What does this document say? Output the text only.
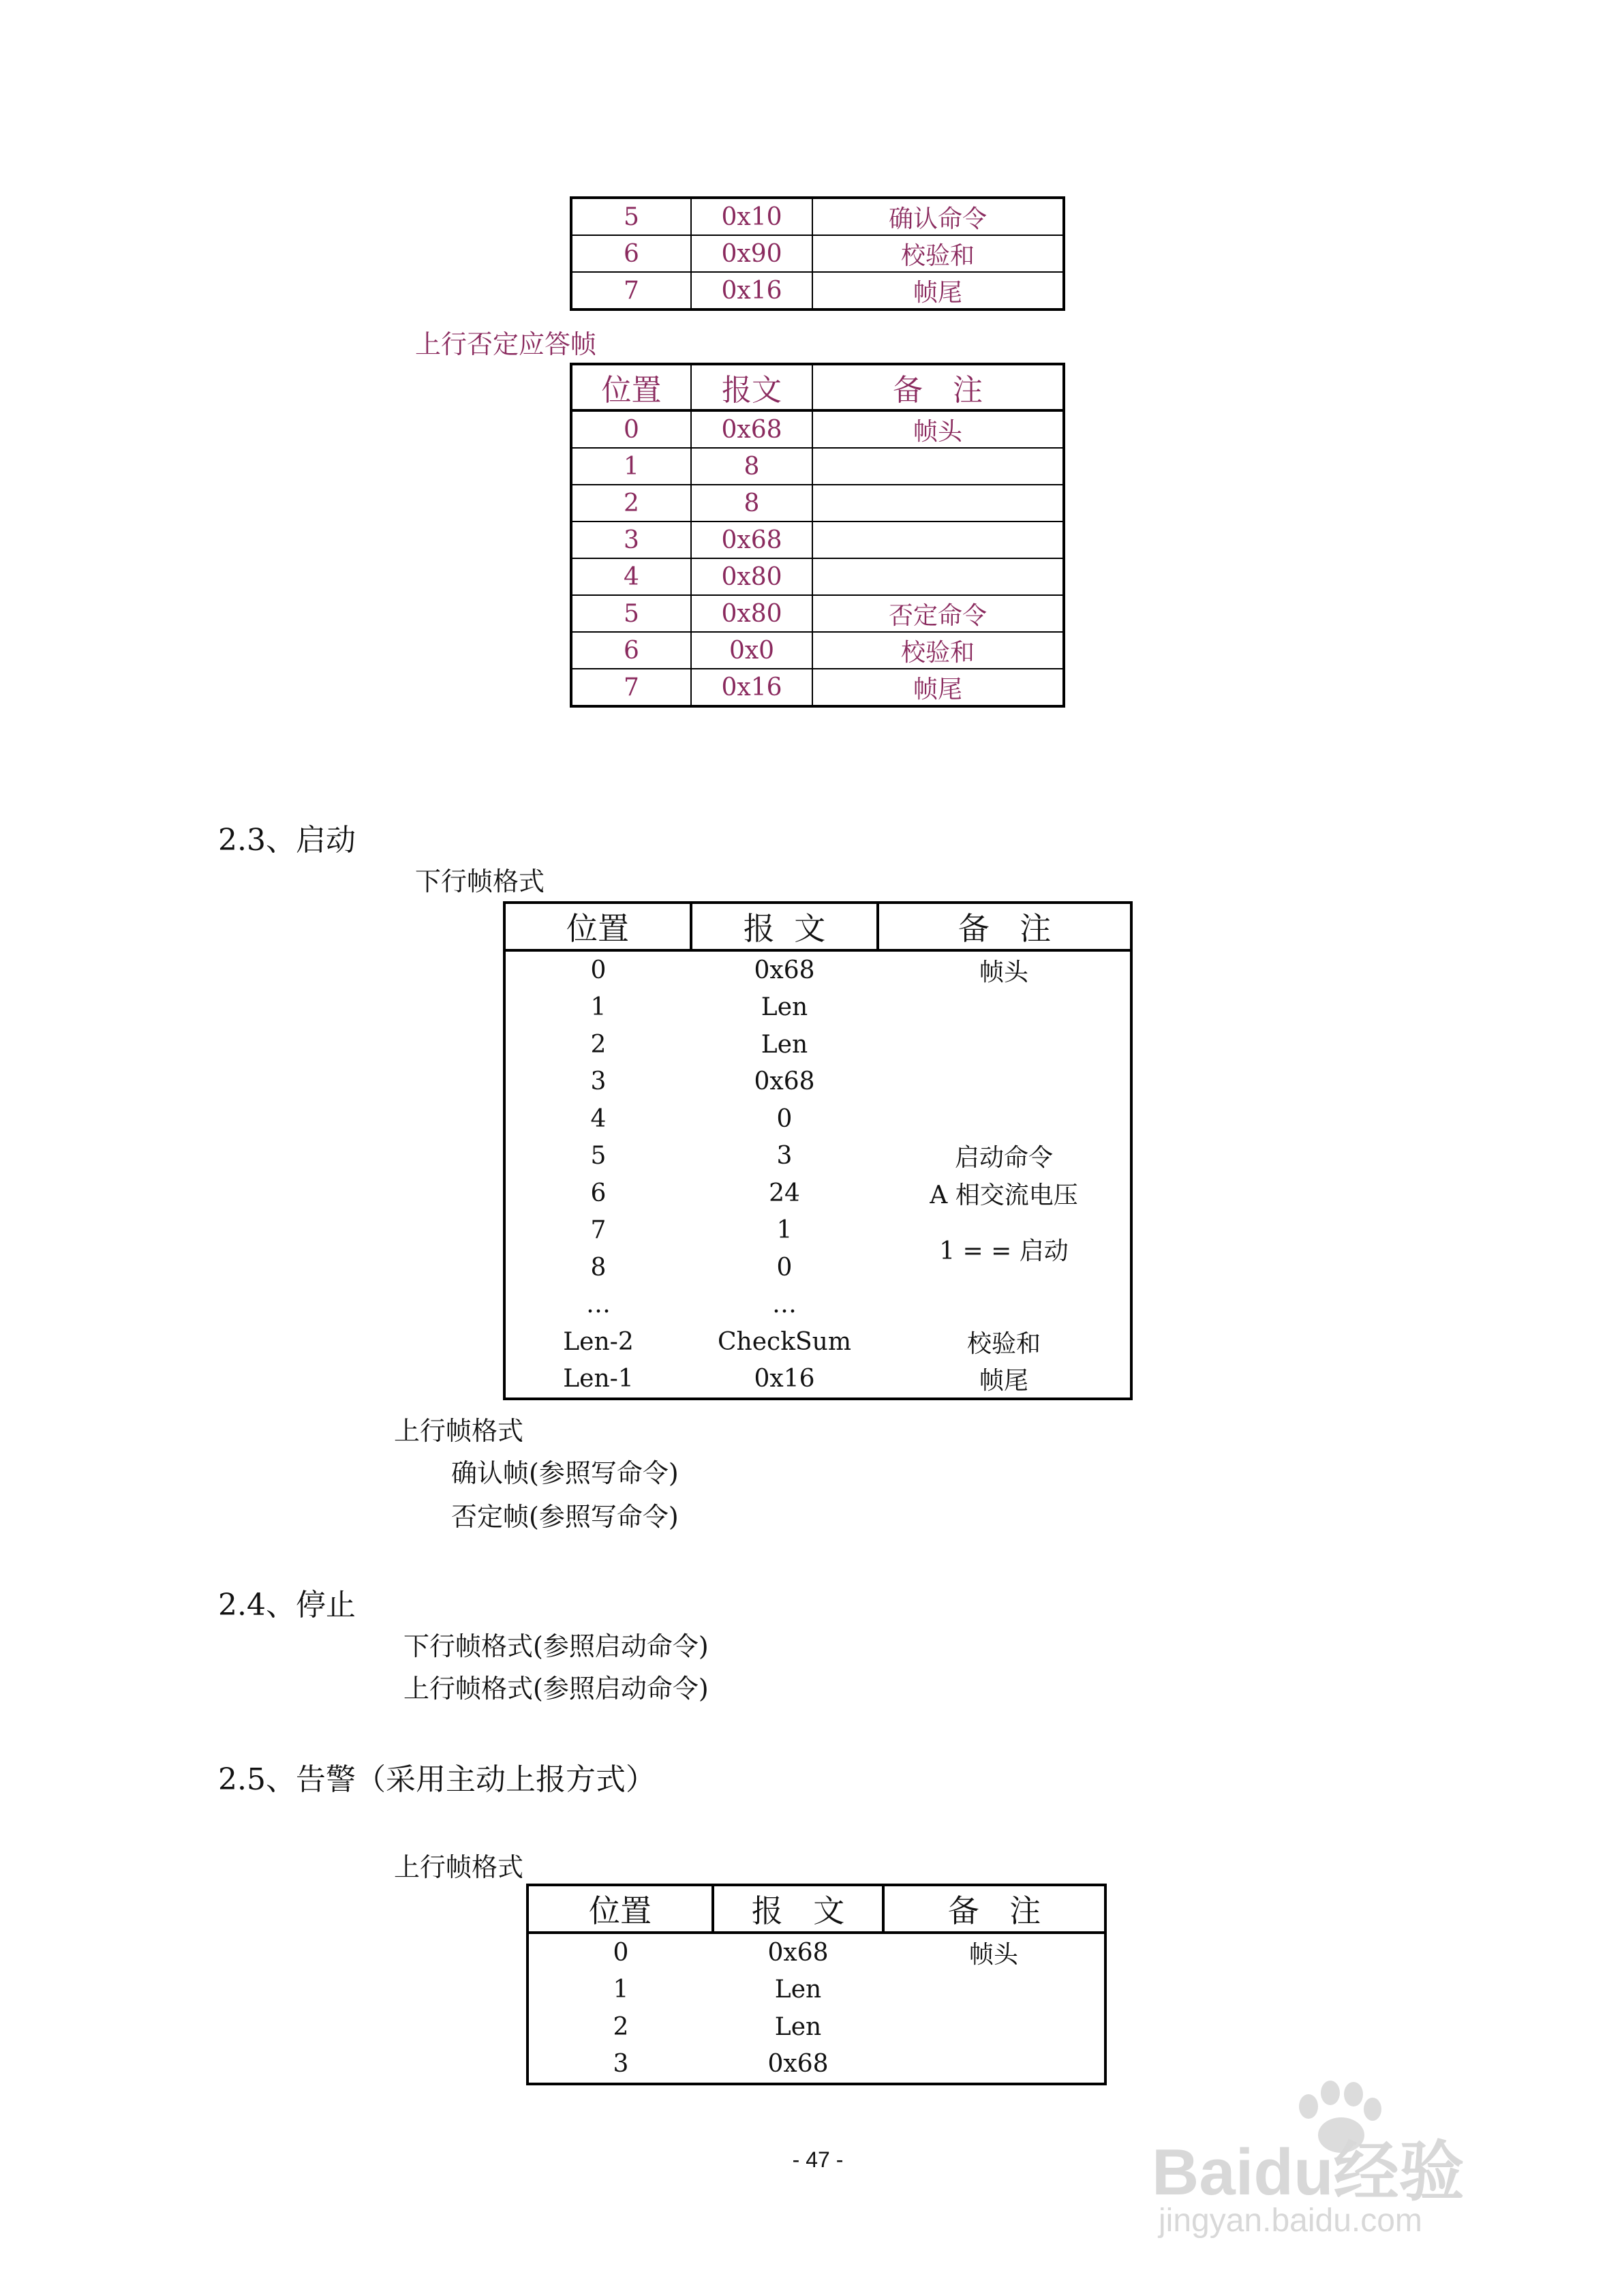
5	0x10	确认命令
6	0x90	校验和
7	0x16	帧尾
上行否定应答帧
位置	报文	备 注
0	0x68	帧头
1	8	
2	8	
3	0x68	
4	0x80	
5	0x80	否定命令
6	0x0	校验和
7	0x16	帧尾
2.3、启动
下行帧格式
位置	报 文	备 注
0	0x68	帧头
1	Len	
2	Len	
3	0x68	
4	0	
5	3	启动命令
6	24	A 相交流电压
7	1	1 = = 启动
8	0	
…	…	
Len-2	CheckSum	校验和
Len-1	0x16	帧尾
上行帧格式
确认帧(参照写命令)
否定帧(参照写命令)
2.4、停止
下行帧格式(参照启动命令)
上行帧格式(参照启动命令)
2.5、告警（采用主动上报方式）
上行帧格式
位置	报 文	备 注
0	0x68	帧头
1	Len	
2	Len	
3	0x68	
- 47 -	Baidu经验
jingyan.baidu.com
